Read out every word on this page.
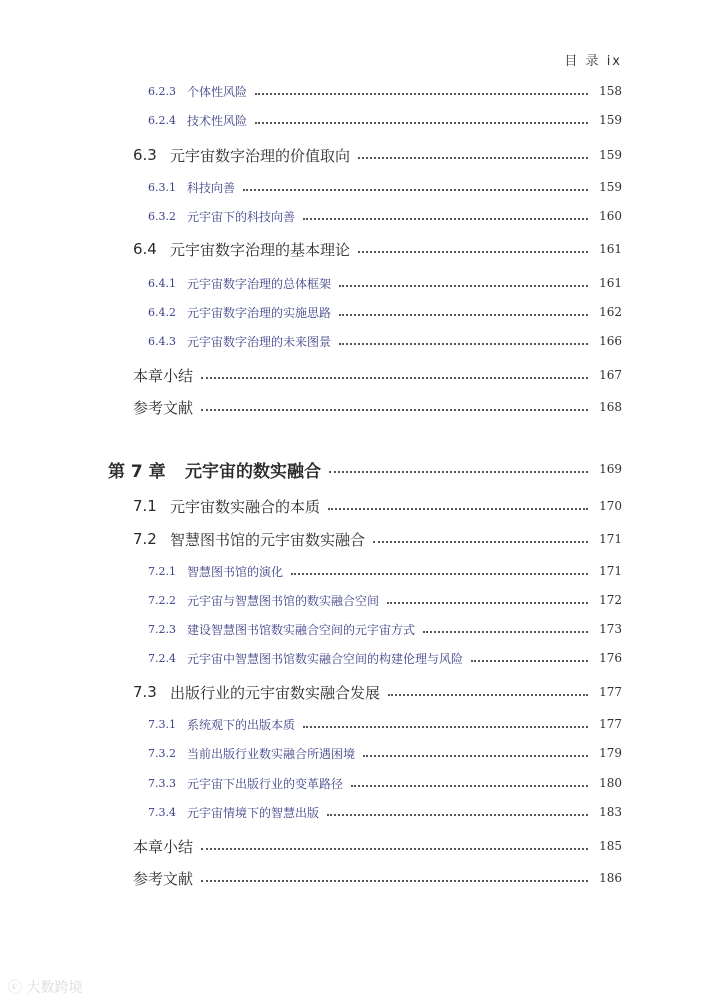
目 录 ix
6.2.3 个体性风险	158
6.2.4 技术性风险	159
6.3 元宇宙数字治理的价值取向	159
6.3.1 科技向善	159
6.3.2 元宇宙下的科技向善	160
6.4 元宇宙数字治理的基本理论	161
6.4.1 元宇宙数字治理的总体框架	161
6.4.2 元宇宙数字治理的实施思路	162
6.4.3 元宇宙数字治理的未来图景	166
本章小结	167
参考文献	168
第 7 章	元宇宙的数实融合	169
7.1 元宇宙数实融合的本质	170
7.2 智慧图书馆的元宇宙数实融合	171
7.2.1 智慧图书馆的演化	171
7.2.2 元宇宙与智慧图书馆的数实融合空间	172
7.2.3 建设智慧图书馆数实融合空间的元宇宙方式	173
7.2.4 元宇宙中智慧图书馆数实融合空间的构建伦理与风险	176
7.3 出版行业的元宇宙数实融合发展	177
7.3.1 系统观下的出版本质	177
7.3.2 当前出版行业数实融合所遇困境	179
7.3.3 元宇宙下出版行业的变革路径	180
7.3.4 元宇宙情境下的智慧出版	183
本章小结	185
参考文献	186
ⓒ 大数跨境
